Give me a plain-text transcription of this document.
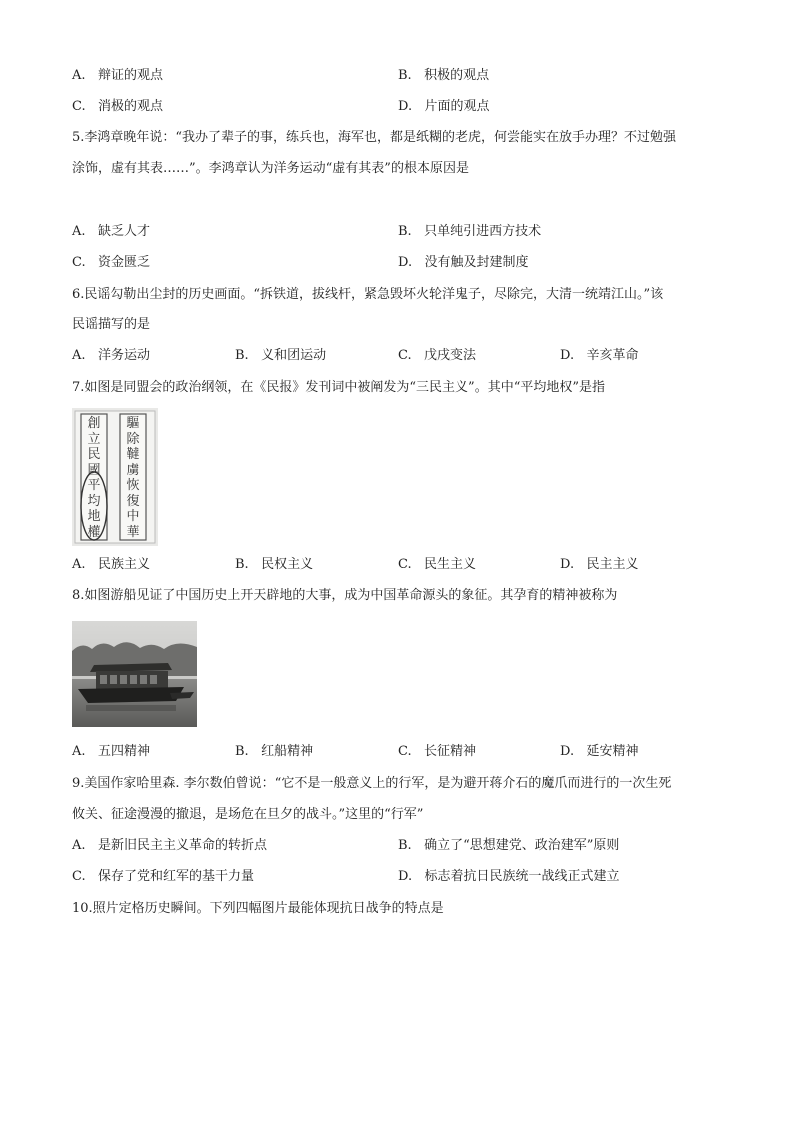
A. 辩证的观点	B. 积极的观点
C. 消极的观点	D. 片面的观点
5.李鸿章晚年说：“我办了辈子的事，练兵也，海军也，都是纸糊的老虎，何尝能实在放手办理？不过勉强
涂饰，虚有其表……”。李鸿章认为洋务运动“虚有其表”的根本原因是
A. 缺乏人才	B. 只单纯引进西方技术
C. 资金匮乏	D. 没有触及封建制度
6.民谣勾勒出尘封的历史画面。“拆铁道，拔线杆，紧急毁坏火轮洋鬼子，尽除完，大清一统靖江山。”该
民谣描写的是
A. 洋务运动	B. 义和团运动	C. 戊戌变法	D. 辛亥革命
7.如图是同盟会的政治纲领，在《民报》发刊词中被阐发为“三民主义”。其中“平均地权”是指
創
立
民
國
平
均
地
權
驅
除
韃
虜
恢
復
中
華
A. 民族主义	B. 民权主义	C. 民生主义	D. 民主主义
8.如图游船见证了中国历史上开天辟地的大事，成为中国革命源头的象征。其孕育的精神被称为
A. 五四精神	B. 红船精神	C. 长征精神	D. 延安精神
9.美国作家哈里森. 李尔数伯曾说：“它不是一般意义上的行军，是为避开蒋介石的魔爪而进行的一次生死
攸关、征途漫漫的撤退，是场危在旦夕的战斗。”这里的“行军”
A. 是新旧民主主义革命的转折点	B. 确立了“思想建党、政治建军”原则
C. 保存了党和红军的基干力量	D. 标志着抗日民族统一战线正式建立
10.照片定格历史瞬间。下列四幅图片最能体现抗日战争的特点是
